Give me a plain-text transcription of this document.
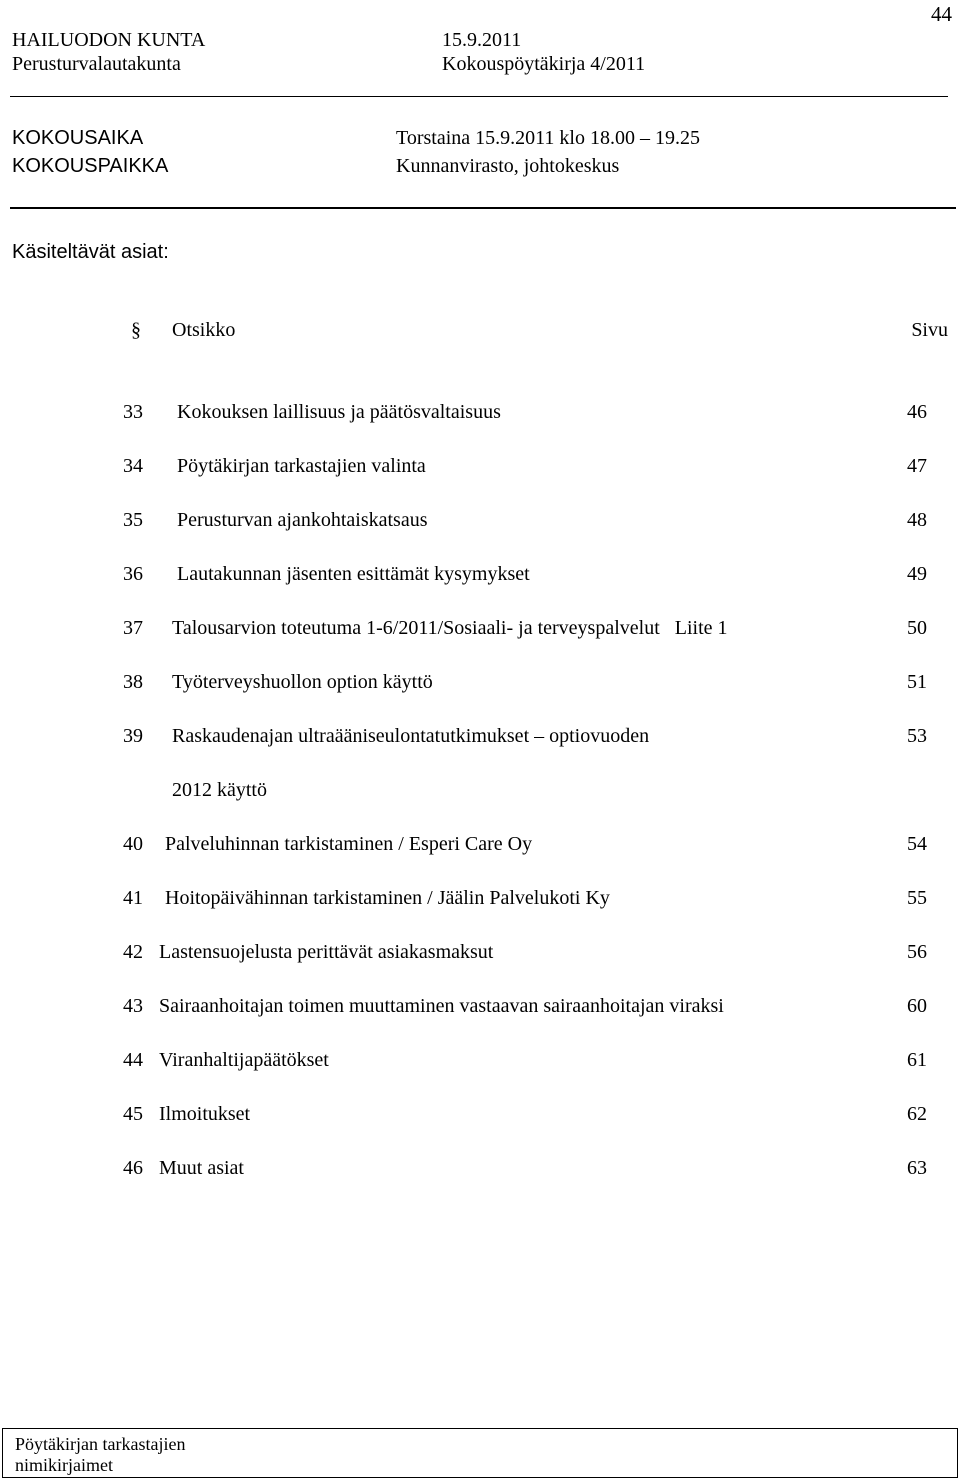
44
HAILUODON KUNTA	15.9.2011
Perusturvalautakunta	Kokouspöytäkirja 4/2011
KOKOUSAIKA	Torstaina 15.9.2011 klo 18.00 – 19.25
KOKOUSPAIKKA	Kunnanvirasto, johtokeskus
Käsiteltävät asiat:
§ Otsikko	Sivu
33 Kokouksen laillisuus ja päätösvaltaisuus	46
34 Pöytäkirjan tarkastajien valinta	47
35 Perusturvan ajankohtaiskatsaus	48
36 Lautakunnan jäsenten esittämät kysymykset	49
37 Talousarvion toteutuma 1-6/2011/Sosiaali- ja terveyspalvelut   Liite 1	50
38 Työterveyshuollon option käyttö	51
39 Raskaudenajan ultraääniseulontatutkimukset – optiovuoden	53
2012 käyttö
40 Palveluhinnan tarkistaminen / Esperi Care Oy	54
41 Hoitopäivähinnan tarkistaminen / Jäälin Palvelukoti Ky	55
42 Lastensuojelusta perittävät asiakasmaksut	56
43 Sairaanhoitajan toimen muuttaminen vastaavan sairaanhoitajan viraksi	60
44 Viranhaltijapäätökset	61
45 Ilmoitukset	62
46 Muut asiat	63
Pöytäkirjan tarkastajien
nimikirjaimet
